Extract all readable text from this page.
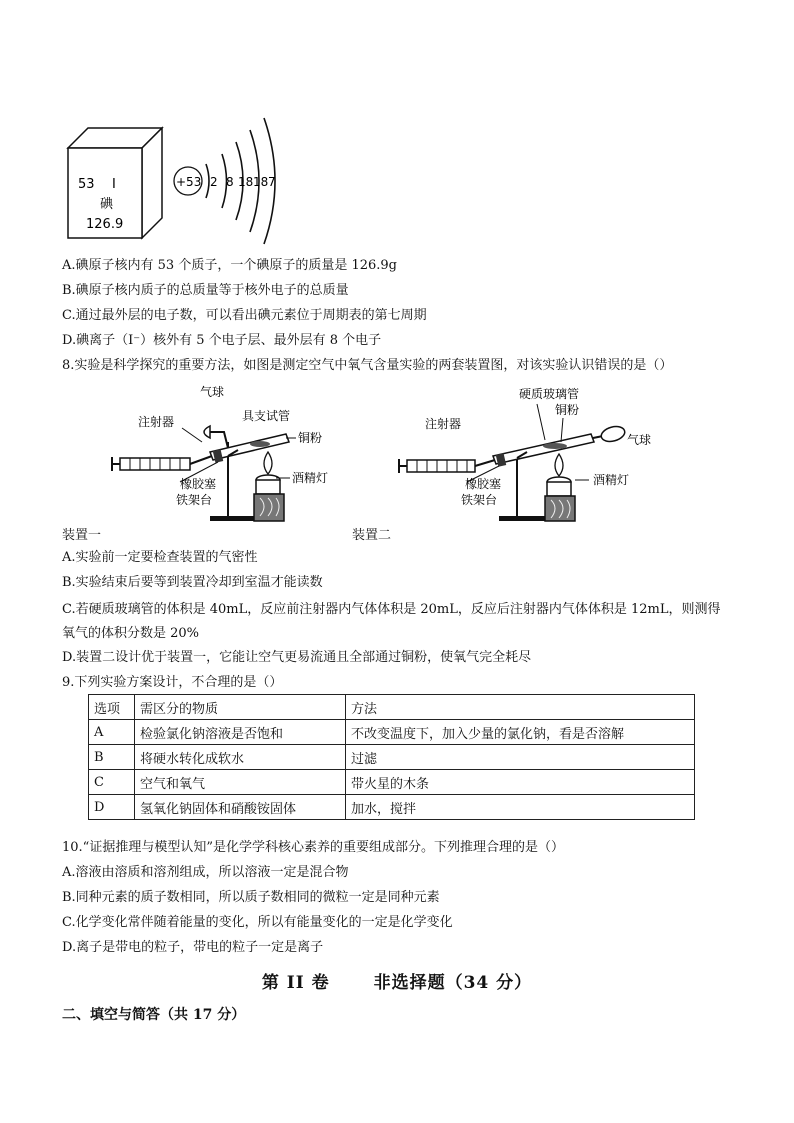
53 I
碘
126.9
+53 2 8 18 18 7
A.碘原子核内有 53 个质子，一个碘原子的质量是 126.9g
B.碘原子核内质子的总质量等于核外电子的总质量
C.通过最外层的电子数，可以看出碘元素位于周期表的第七周期
D.碘离子（I⁻）核外有 5 个电子层、最外层有 8 个电子
8.实验是科学探究的重要方法，如图是测定空气中氧气含量实验的两套装置图，对该实验认识错误的是（）
气球
注射器	具支试管
铜粉
橡胶塞	酒精灯
铁架台
硬质玻璃管
铜粉
注射器
气球
橡胶塞	酒精灯
铁架台
装置一	装置二
A.实验前一定要检查装置的气密性
B.实验结束后要等到装置冷却到室温才能读数
C.若硬质玻璃管的体积是 40mL，反应前注射器内气体体积是 20mL，反应后注射器内气体体积是 12mL，则测得氧气的体积分数是 20%
D.装置二设计优于装置一，它能让空气更易流通且全部通过铜粉，使氧气完全耗尽
9.下列实验方案设计，不合理的是（）
选项	需区分的物质	方法
A	检验氯化钠溶液是否饱和	不改变温度下，加入少量的氯化钠，看是否溶解
B	将硬水转化成软水	过滤
C	空气和氧气	带火星的木条
D	氢氧化钠固体和硝酸铵固体	加水，搅拌
10.“证据推理与模型认知”是化学学科核心素养的重要组成部分。下列推理合理的是（）
A.溶液由溶质和溶剂组成，所以溶液一定是混合物
B.同种元素的质子数相同，所以质子数相同的微粒一定是同种元素
C.化学变化常伴随着能量的变化，所以有能量变化的一定是化学变化
D.离子是带电的粒子，带电的粒子一定是离子
第 II 卷	非选择题（34 分）
二、填空与简答（共 17 分）
